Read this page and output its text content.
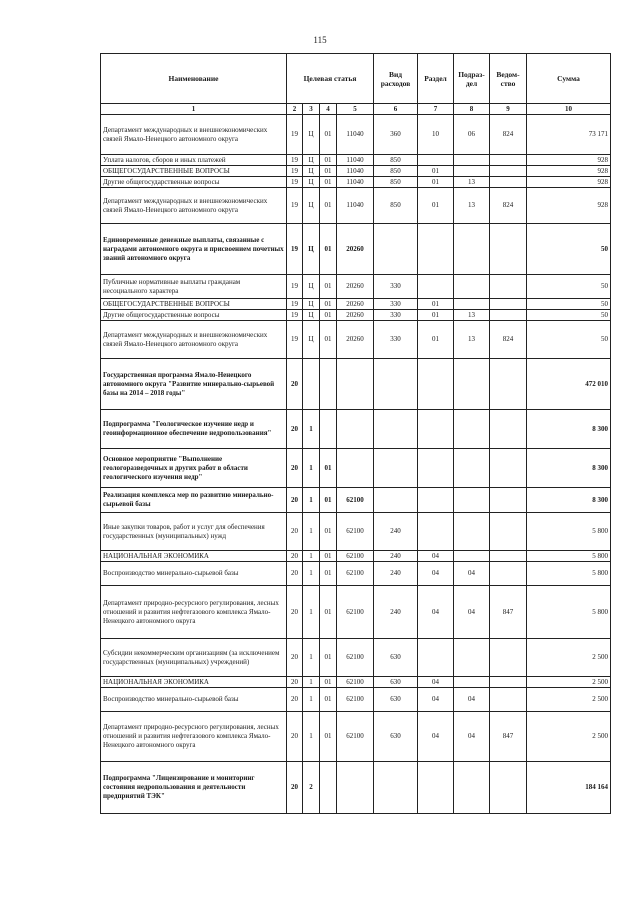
115
Наименование	Целевая статья				Вид расходов	Раздел	Подраз-дел	Ведом-ство	Сумма
1	2	3	4	5	6	7	8	9	10
Департамент международных и внешнеэкономических связей Ямало-Ненецкого автономного округа	19	Ц	01	11040	360	10	06	824	73 171
Уплата налогов, сборов и иных платежей	19	Ц	01	11040	850				928
ОБЩЕГОСУДАРСТВЕННЫЕ ВОПРОСЫ	19	Ц	01	11040	850	01			928
Другие общегосударственные вопросы	19	Ц	01	11040	850	01	13		928
Департамент международных и внешнеэкономических связей Ямало-Ненецкого автономного округа	19	Ц	01	11040	850	01	13	824	928
Единовременные денежные выплаты, связанные с наградами автономного округа и присвоением почетных званий автономного округа	19	Ц	01	20260					50
Публичные нормативные выплаты гражданам несоциального характера	19	Ц	01	20260	330				50
ОБЩЕГОСУДАРСТВЕННЫЕ ВОПРОСЫ	19	Ц	01	20260	330	01			50
Другие общегосударственные вопросы	19	Ц	01	20260	330	01	13		50
Департамент международных и внешнеэкономических связей Ямало-Ненецкого автономного округа	19	Ц	01	20260	330	01	13	824	50
Государственная программа Ямало-Ненецкого автономного округа "Развитие минерально-сырьевой базы на 2014 – 2018 годы"	20								472 010
Подпрограмма "Геологическое изучение недр и геоинформационное обеспечение недропользования"	20	1							8 300
Основное мероприятие "Выполнение геологоразведочных и других работ в области геологического изучения недр"	20	1	01						8 300
Реализация комплекса мер по развитию минерально-сырьевой базы	20	1	01	62100					8 300
Иные закупки товаров, работ и услуг для обеспечения государственных (муниципальных) нужд	20	1	01	62100	240				5 800
НАЦИОНАЛЬНАЯ ЭКОНОМИКА	20	1	01	62100	240	04			5 800
Воспроизводство минерально-сырьевой базы	20	1	01	62100	240	04	04		5 800
Департамент природно-ресурсного регулирования, лесных отношений и развития нефтегазового комплекса Ямало-Ненецкого автономного округа	20	1	01	62100	240	04	04	847	5 800
Субсидии некоммерческим организациям (за исключением государственных (муниципальных) учреждений)	20	1	01	62100	630				2 500
НАЦИОНАЛЬНАЯ ЭКОНОМИКА	20	1	01	62100	630	04			2 500
Воспроизводство минерально-сырьевой базы	20	1	01	62100	630	04	04		2 500
Департамент природно-ресурсного регулирования, лесных отношений и развития нефтегазового комплекса Ямало-Ненецкого автономного округа	20	1	01	62100	630	04	04	847	2 500
Подпрограмма "Лицензирование и мониторинг состояния недропользования и деятельности предприятий ТЭК"	20	2							184 164
